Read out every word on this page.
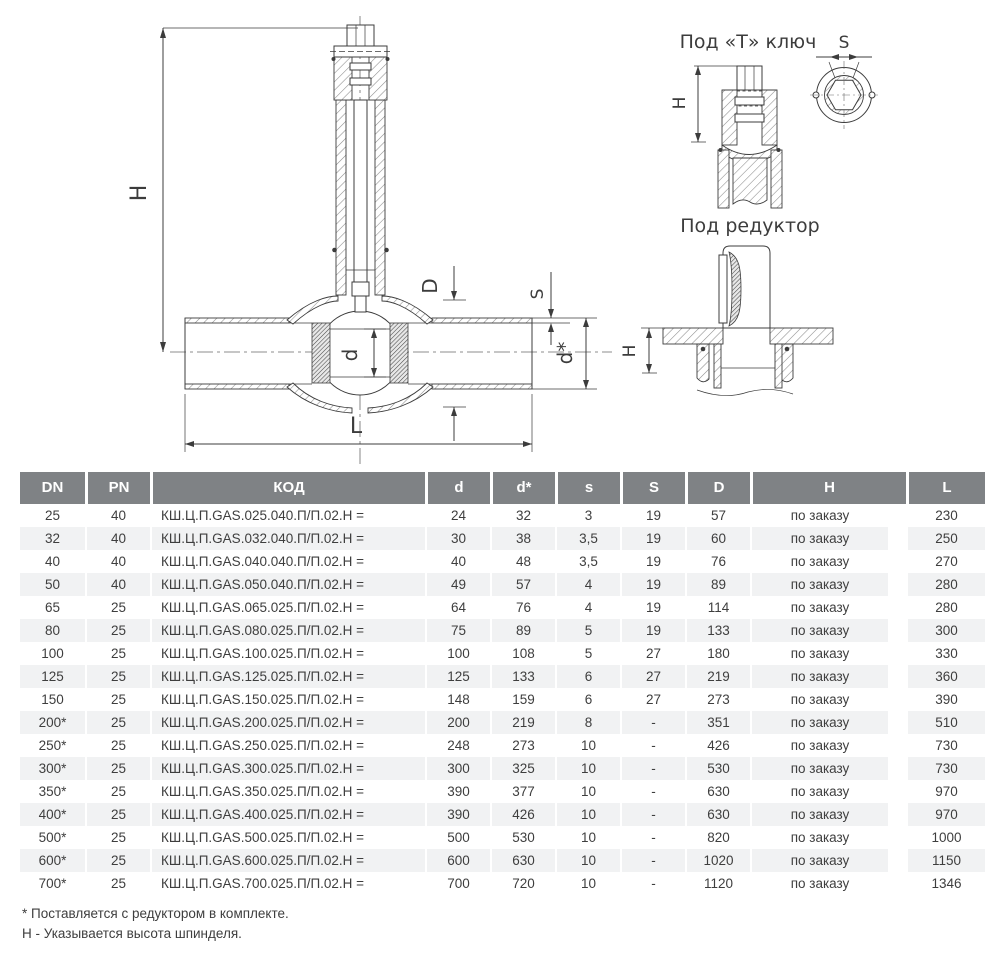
H
D
d
S
d*
L
Под «Т» ключ
H
S
Под редуктор
H
DN	PN	КОД	d	d*	s	S	D	H	L
25	40	КШ.Ц.П.GAS.025.040.П/П.02.Н =	24	32	3	19	57	по заказу	230
32	40	КШ.Ц.П.GAS.032.040.П/П.02.Н =	30	38	3,5	19	60	по заказу	250
40	40	КШ.Ц.П.GAS.040.040.П/П.02.Н =	40	48	3,5	19	76	по заказу	270
50	40	КШ.Ц.П.GAS.050.040.П/П.02.Н =	49	57	4	19	89	по заказу	280
65	25	КШ.Ц.П.GAS.065.025.П/П.02.Н =	64	76	4	19	114	по заказу	280
80	25	КШ.Ц.П.GAS.080.025.П/П.02.Н =	75	89	5	19	133	по заказу	300
100	25	КШ.Ц.П.GAS.100.025.П/П.02.Н =	100	108	5	27	180	по заказу	330
125	25	КШ.Ц.П.GAS.125.025.П/П.02.Н =	125	133	6	27	219	по заказу	360
150	25	КШ.Ц.П.GAS.150.025.П/П.02.Н =	148	159	6	27	273	по заказу	390
200*	25	КШ.Ц.П.GAS.200.025.П/П.02.Н =	200	219	8	-	351	по заказу	510
250*	25	КШ.Ц.П.GAS.250.025.П/П.02.Н =	248	273	10	-	426	по заказу	730
300*	25	КШ.Ц.П.GAS.300.025.П/П.02.Н =	300	325	10	-	530	по заказу	730
350*	25	КШ.Ц.П.GAS.350.025.П/П.02.Н =	390	377	10	-	630	по заказу	970
400*	25	КШ.Ц.П.GAS.400.025.П/П.02.Н =	390	426	10	-	630	по заказу	970
500*	25	КШ.Ц.П.GAS.500.025.П/П.02.Н =	500	530	10	-	820	по заказу	1000
600*	25	КШ.Ц.П.GAS.600.025.П/П.02.Н =	600	630	10	-	1020	по заказу	1150
700*	25	КШ.Ц.П.GAS.700.025.П/П.02.Н =	700	720	10	-	1120	по заказу	1346
* Поставляется с редуктором в комплекте.
Н - Указывается высота шпинделя.
